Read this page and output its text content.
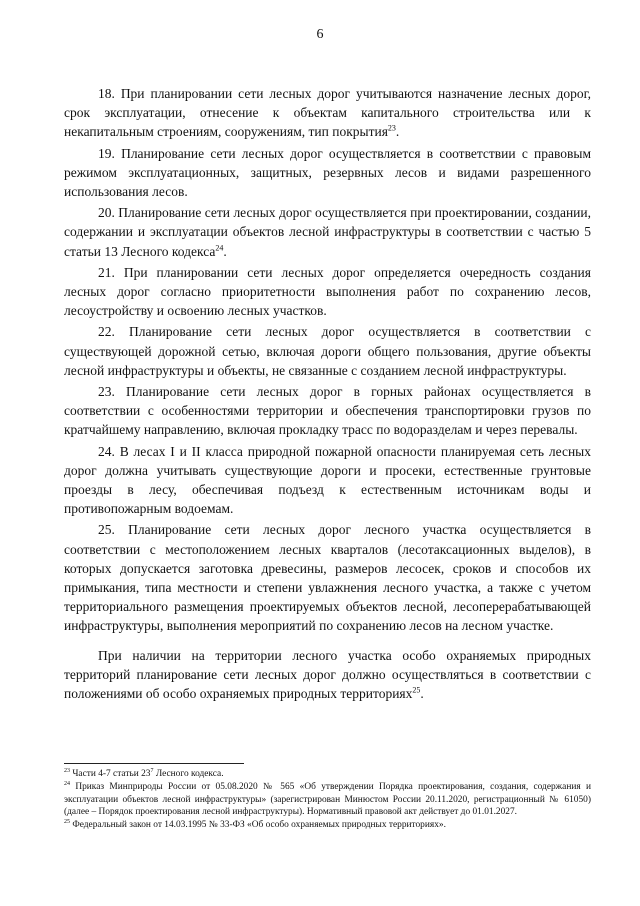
6

18. При планировании сети лесных дорог учитываются назначение лесных дорог, срок эксплуатации, отнесение к объектам капитального строительства или к некапитальным строениям, сооружениям, тип покрытия$^{23}$.

19. Планирование сети лесных дорог осуществляется в соответствии с правовым режимом эксплуатационных, защитных, резервных лесов и видами разрешенного использования лесов.

20. Планирование сети лесных дорог осуществляется при проектировании, создании, содержании и эксплуатации объектов лесной инфраструктуры в соответствии с частью 5 статьи 13 Лесного кодекса$^{24}$.

21. При планировании сети лесных дорог определяется очередность создания лесных дорог согласно приоритетности выполнения работ по сохранению лесов, лесоустройству и освоению лесных участков.

22. Планирование сети лесных дорог осуществляется в соответствии с существующей дорожной сетью, включая дороги общего пользования, другие объекты лесной инфраструктуры и объекты, не связанные с созданием лесной инфраструктуры.

23. Планирование сети лесных дорог в горных районах осуществляется в соответствии с особенностями территории и обеспечения транспортировки грузов по кратчайшему направлению, включая прокладку трасс по водоразделам и через перевалы.

24. В лесах I и II класса природной пожарной опасности планируемая сеть лесных дорог должна учитывать существующие дороги и просеки, естественные грунтовые проезды в лесу, обеспечивая подъезд к естественным источникам воды и противопожарным водоемам.

25. Планирование сети лесных дорог лесного участка осуществляется в соответствии с местоположением лесных кварталов (лесотаксационных выделов), в которых допускается заготовка древесины, размеров лесосек, сроков и способов их примыкания, типа местности и степени увлажнения лесного участка, а также с учетом территориального размещения проектируемых объектов лесной, лесоперерабатывающей инфраструктуры, выполнения мероприятий по сохранению лесов на лесном участке.

При наличии на территории лесного участка особо охраняемых природных территорий планирование сети лесных дорог должно осуществляться в соответствии с положениями об особо охраняемых природных территориях$^{25}$.

$^{23}$ Части 4-7 статьи $23^7$ Лесного кодекса.

$^{24}$ Приказ Минприроды России от 05.08.2020 № 565 «Об утверждении Порядка проектирования, создания, содержания и эксплуатации объектов лесной инфраструктуры» (зарегистрирован Минюстом России 20.11.2020, регистрационный № 61050) (далее – Порядок проектирования лесной инфраструктуры). Нормативный правовой акт действует до 01.01.2027.

$^{25}$ Федеральный закон от 14.03.1995 № 33-ФЗ «Об особо охраняемых природных территориях».
